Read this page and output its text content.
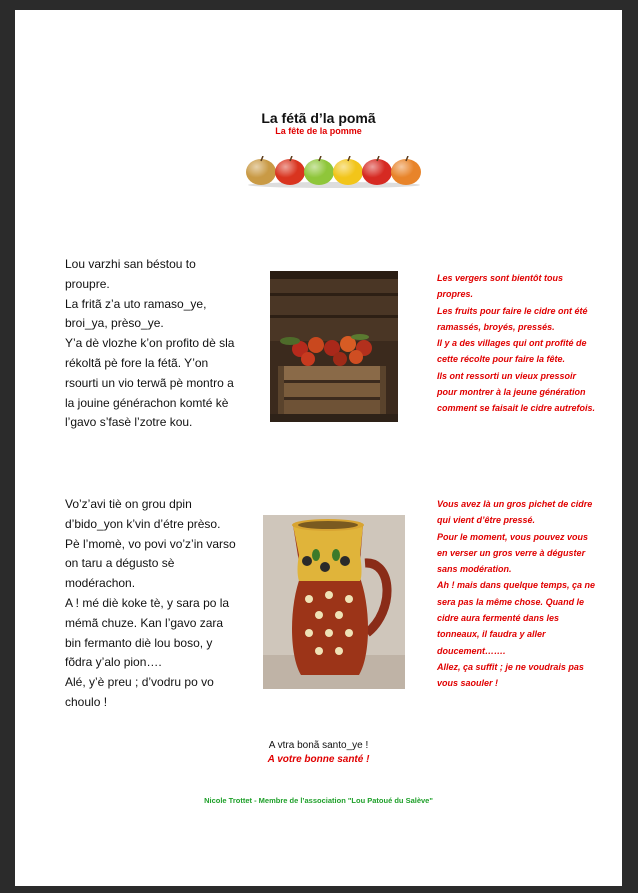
La fétã d’la pomã
La fête de la pomme
Lou varzhi san béstou to
prouprе.
La fritã z’a uto ramaso_ye,
broi_ya, prèso_ye.
Y’a dè vlozhe k’on profito dè sla
rékoltã pè fore la fétã. Y’on
rsourti un vio terwã pè montro a
la jouine générachon komté kè
l’gavo s’fasè l’zotre kou.
Les vergers sont bientôt tous
propres.
Les fruits pour faire le cidre ont été
ramassés, broyés, pressés.
Il y a des villages qui ont profité de
cette récolte pour faire la fête.
Ils ont ressorti un vieux pressoir
pour montrer à la jeune génération
comment se faisait le cidre autrefois.
Vo’z’avi tiè on grou dpin
d’bido_yon k’vin d’étre prèso.
Pè l’momè, vo povi vo’z’in varso
on taru a dégusto sè
modérachon.
A ! mé diè koke tè, y sara po la
mémã chuze. Kan l’gavo zara
bin fermanto diè lou boso, y
fõdra y’alo pion….
Alé, y’è preu ; d’vodru po vo
choulo !
Vous avez là un gros pichet de cidre
qui vient d’être pressé.
Pour le moment, vous pouvez vous
en verser un gros verre à déguster
sans modération.
Ah ! mais dans quelque temps, ça ne
sera pas la même chose. Quand le
cidre aura fermenté dans les
tonneaux, il faudra y aller
doucement…….
Allez, ça suffit ; je ne voudrais pas
vous saouler !
A vtra bonã santo_ye !
A votre bonne santé !
Nicole Trottet - Membre de l’association "Lou Patoué du Salève"
